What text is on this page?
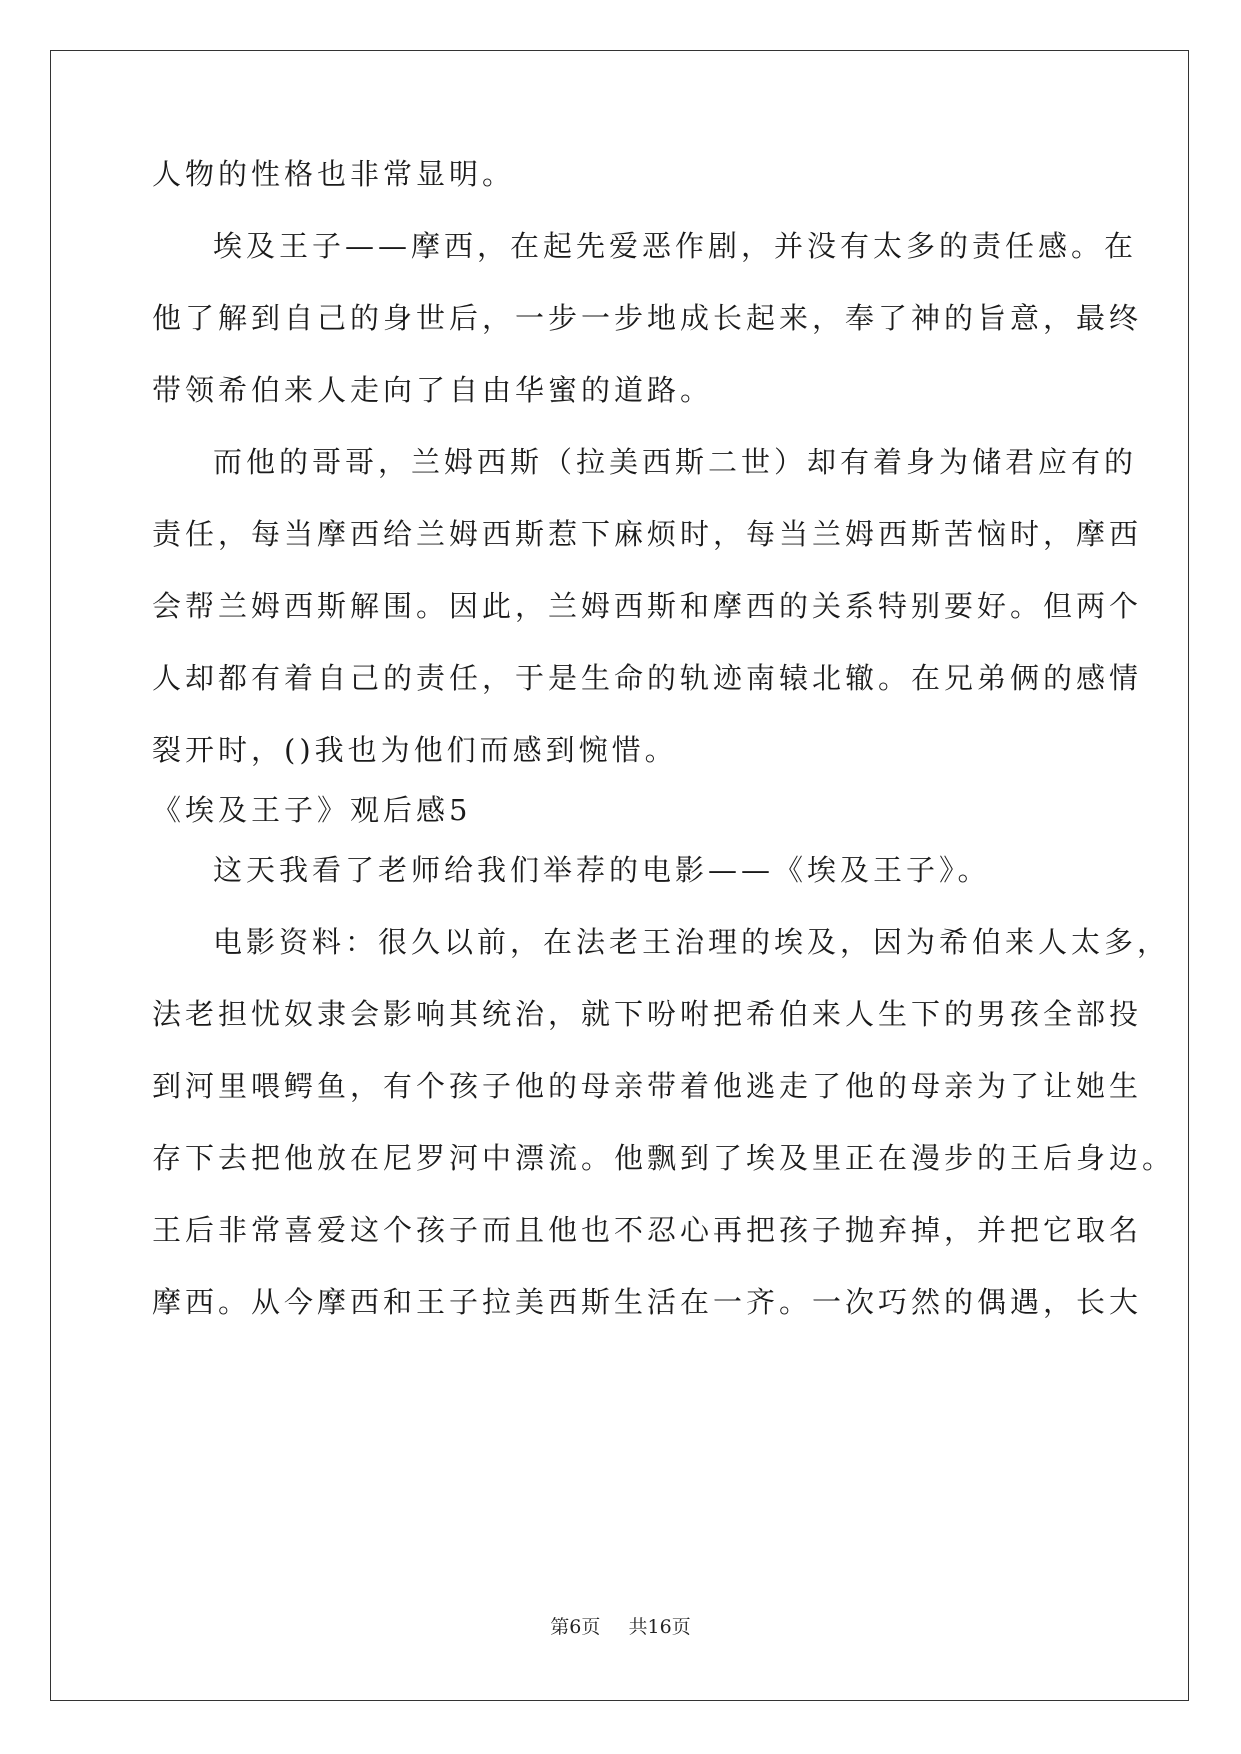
人物的性格也非常显明。
埃及王子——摩西，在起先爱恶作剧，并没有太多的责任感。在
他了解到自己的身世后，一步一步地成长起来，奉了神的旨意，最终
带领希伯来人走向了自由华蜜的道路。
而他的哥哥，兰姆西斯（拉美西斯二世）却有着身为储君应有的
责任，每当摩西给兰姆西斯惹下麻烦时，每当兰姆西斯苦恼时，摩西
会帮兰姆西斯解围。因此，兰姆西斯和摩西的关系特别要好。但两个
人却都有着自己的责任，于是生命的轨迹南辕北辙。在兄弟俩的感情
裂开时，()我也为他们而感到惋惜。
《埃及王子》观后感5
这天我看了老师给我们举荐的电影——《埃及王子》。
电影资料：很久以前，在法老王治理的埃及，因为希伯来人太多，
法老担忧奴隶会影响其统治，就下吩咐把希伯来人生下的男孩全部投
到河里喂鳄鱼，有个孩子他的母亲带着他逃走了他的母亲为了让她生
存下去把他放在尼罗河中漂流。他飘到了埃及里正在漫步的王后身边。
王后非常喜爱这个孩子而且他也不忍心再把孩子抛弃掉，并把它取名
摩西。从今摩西和王子拉美西斯生活在一齐。一次巧然的偶遇，长大
第6页 共16页
